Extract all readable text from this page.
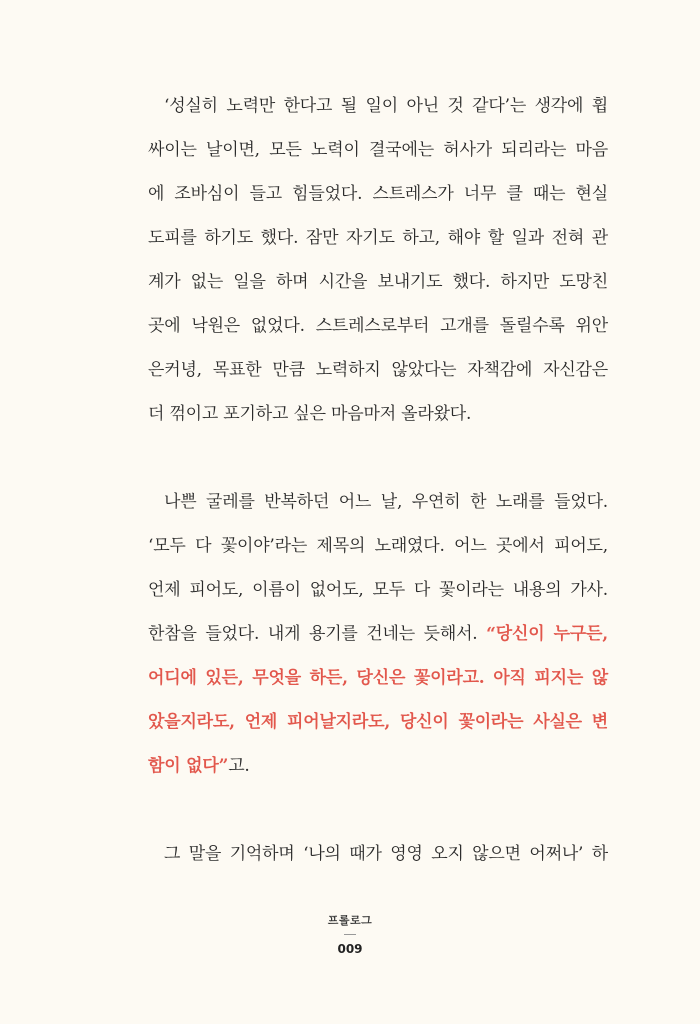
‘성실히 노력만 한다고 될 일이 아닌 것 같다’는 생각에 휩
싸이는 날이면, 모든 노력이 결국에는 허사가 되리라는 마음
에 조바심이 들고 힘들었다. 스트레스가 너무 클 때는 현실
도피를 하기도 했다. 잠만 자기도 하고, 해야 할 일과 전혀 관
계가 없는 일을 하며 시간을 보내기도 했다. 하지만 도망친
곳에 낙원은 없었다. 스트레스로부터 고개를 돌릴수록 위안
은커녕, 목표한 만큼 노력하지 않았다는 자책감에 자신감은
더 꺾이고 포기하고 싶은 마음마저 올라왔다.
나쁜 굴레를 반복하던 어느 날, 우연히 한 노래를 들었다.
‘모두 다 꽃이야’라는 제목의 노래였다. 어느 곳에서 피어도,
언제 피어도, 이름이 없어도, 모두 다 꽃이라는 내용의 가사.
한참을 들었다. 내게 용기를 건네는 듯해서. “당신이 누구든,
어디에 있든, 무엇을 하든, 당신은 꽃이라고. 아직 피지는 않
았을지라도, 언제 피어날지라도, 당신이 꽃이라는 사실은 변
함이 없다”고.
그 말을 기억하며 ‘나의 때가 영영 오지 않으면 어쩌나’ 하
프롤로그
009
